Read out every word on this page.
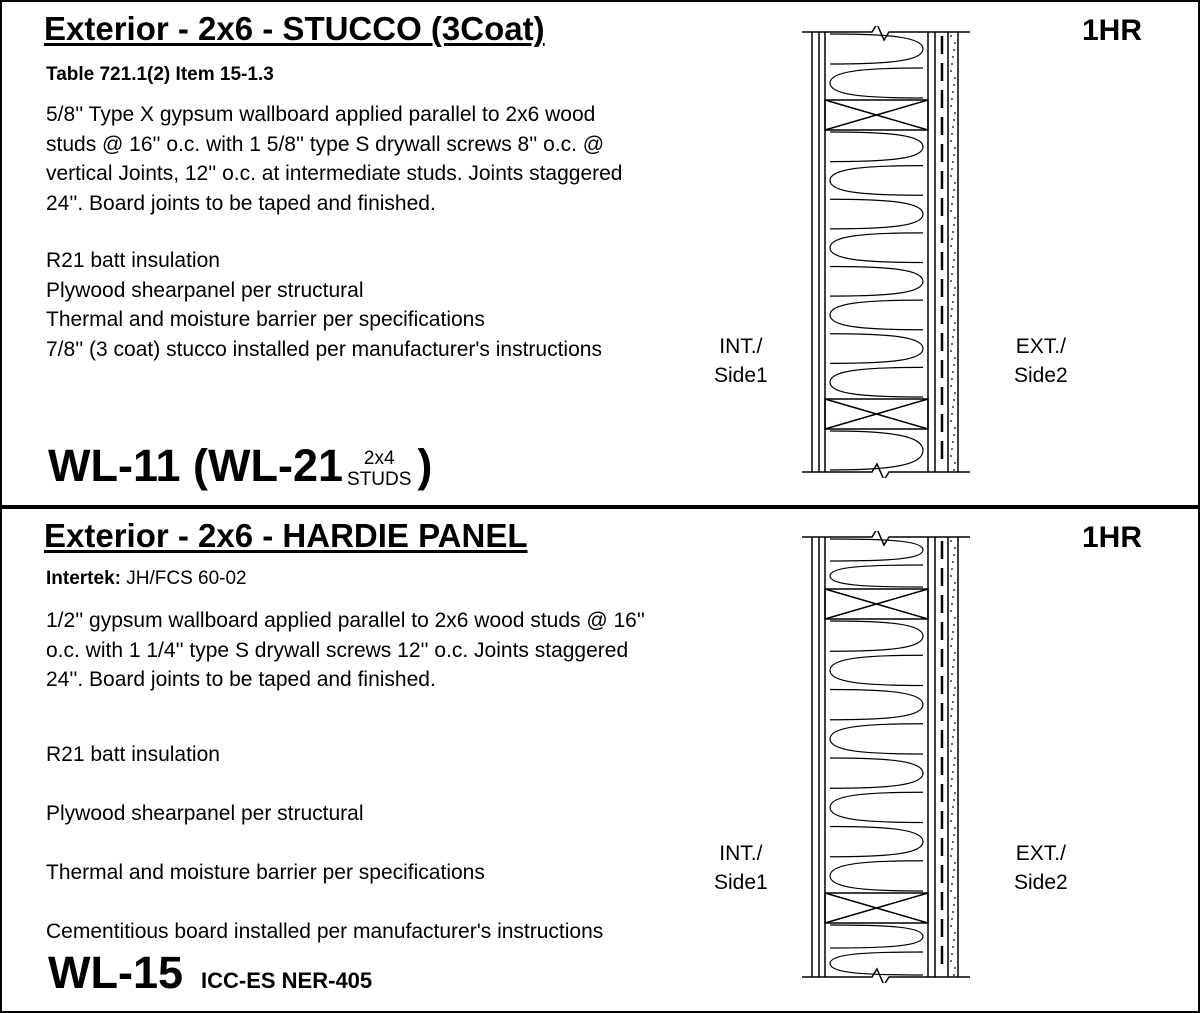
Exterior - 2x6 - STUCCO (3Coat)	1HR
Table 721.1(2) Item 15-1.3
5/8'' Type X gypsum wallboard applied parallel to 2x6 wood
studs @ 16'' o.c. with 1 5/8'' type S drywall screws 8'' o.c. @
vertical Joints, 12'' o.c. at intermediate studs. Joints staggered
24''. Board joints to be taped and finished.
R21 batt insulation
Plywood shearpanel per structural
Thermal and moisture barrier per specifications
7/8'' (3 coat) stucco installed per manufacturer's instructions	INT./
Side1
EXT./
Side2
WL-11 (WL-21	2x4
STUDS )
Exterior - 2x6 - HARDIE PANEL	1HR
Intertek: JH/FCS 60-02
1/2'' gypsum wallboard applied parallel to 2x6 wood studs @ 16''
o.c. with 1 1/4'' type S drywall screws 12'' o.c. Joints staggered
24''. Board joints to be taped and finished.
R21 batt insulation
Plywood shearpanel per structural
Thermal and moisture barrier per specifications
Cementitious board installed per manufacturer's instructions
INT./
Side1
EXT./
Side2
WL-15 ICC-ES NER-405
